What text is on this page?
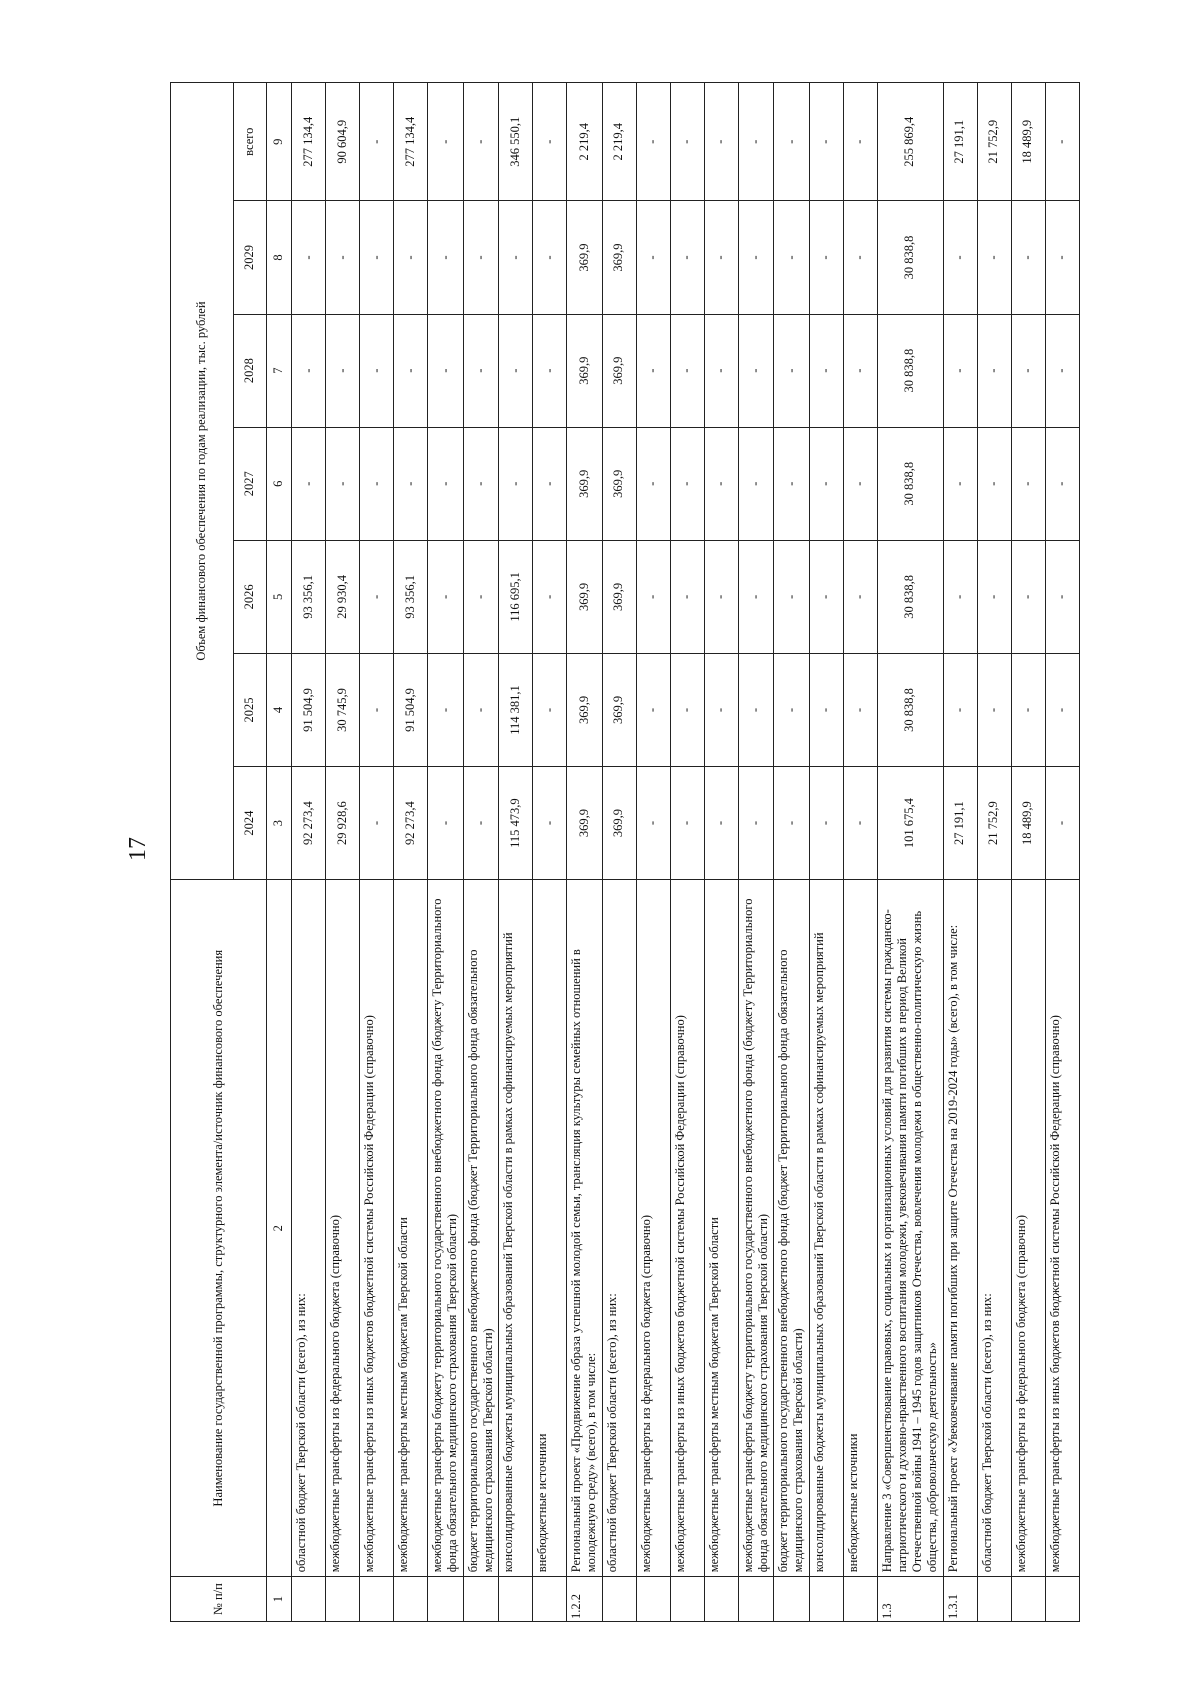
17
№ п/п	Наименование государственной программы, структурного элемента/источник финансового обеспечения	Объем финансового обеспечения по годам реализации, тыс. рублей						
		2024	2025	2026	2027	2028	2029	всего
1	2	3	4	5	6	7	8	9
	областной бюджет Тверской области (всего), из них:	92 273,4	91 504,9	93 356,1	-	-	-	277 134,4
	межбюджетные трансферты из федерального бюджета (справочно)	29 928,6	30 745,9	29 930,4	-	-	-	90 604,9
	межбюджетные трансферты из иных бюджетов бюджетной системы Российской Федерации (справочно)	-	-	-	-	-	-	-
	межбюджетные трансферты местным бюджетам Тверской области	92 273,4	91 504,9	93 356,1	-	-	-	277 134,4
	межбюджетные трансферты бюджету территориального государственного внебюджетного фонда (бюджету Территориального фонда обязательного медицинского страхования Тверской области)	-	-	-	-	-	-	-
	бюджет территориального государственного внебюджетного фонда (бюджет Территориального фонда обязательного медицинского страхования Тверской области)	-	-	-	-	-	-	-
	консолидированные бюджеты муниципальных образований Тверской области в рамках софинансируемых мероприятий	115 473,9	114 381,1	116 695,1	-	-	-	346 550,1
	внебюджетные источники	-	-	-	-	-	-	-
1.2.2	Региональный проект «Продвижение образа успешной молодой семьи, трансляция культуры семейных отношений в молодежную среду» (всего), в том числе:	369,9	369,9	369,9	369,9	369,9	369,9	2 219,4
	областной бюджет Тверской области (всего), из них:	369,9	369,9	369,9	369,9	369,9	369,9	2 219,4
	межбюджетные трансферты из федерального бюджета (справочно)	-	-	-	-	-	-	-
	межбюджетные трансферты из иных бюджетов бюджетной системы Российской Федерации (справочно)	-	-	-	-	-	-	-
	межбюджетные трансферты местным бюджетам Тверской области	-	-	-	-	-	-	-
	межбюджетные трансферты бюджету территориального государственного внебюджетного фонда (бюджету Территориального фонда обязательного медицинского страхования Тверской области)	-	-	-	-	-	-	-
	бюджет территориального государственного внебюджетного фонда (бюджет Территориального фонда обязательного медицинского страхования Тверской области)	-	-	-	-	-	-	-
	консолидированные бюджеты муниципальных образований Тверской области в рамках софинансируемых мероприятий	-	-	-	-	-	-	-
	внебюджетные источники	-	-	-	-	-	-	-
1.3	Направление 3 «Совершенствование правовых, социальных и организационных условий для развития системы гражданско-патриотического и духовно-нравственного воспитания молодежи, увековечивания памяти погибших в период Великой Отечественной войны 1941 – 1945 годов защитников Отечества, вовлечения молодежи в общественно-политическую жизнь общества, добровольческую деятельность»	101 675,4	30 838,8	30 838,8	30 838,8	30 838,8	30 838,8	255 869,4
1.3.1	Региональный проект «Увековечивание памяти погибших при защите Отечества на 2019-2024 годы» (всего), в том числе:	27 191,1	-	-	-	-	-	27 191,1
	областной бюджет Тверской области (всего), из них:	21 752,9	-	-	-	-	-	21 752,9
	межбюджетные трансферты из федерального бюджета (справочно)	18 489,9	-	-	-	-	-	18 489,9
	межбюджетные трансферты из иных бюджетов бюджетной системы Российской Федерации (справочно)	-	-	-	-	-	-	-
